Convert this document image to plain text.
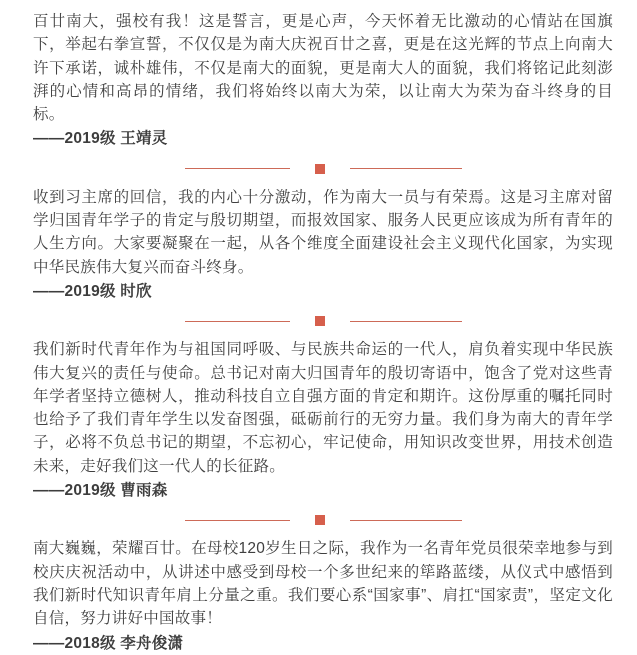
百廿南大，强校有我！这是誓言，更是心声，今天怀着无比激动的心情站在国旗下，举起右拳宣誓，不仅仅是为南大庆祝百廿之喜，更是在这光辉的节点上向南大许下承诺，诚朴雄伟，不仅是南大的面貌，更是南大人的面貌，我们将铭记此刻澎湃的心情和高昂的情绪，我们将始终以南大为荣，以让南大为荣为奋斗终身的目标。

——2019级 王靖灵

收到习主席的回信，我的内心十分激动，作为南大一员与有荣焉。这是习主席对留学归国青年学子的肯定与殷切期望，而报效国家、服务人民更应该成为所有青年的人生方向。大家要凝聚在一起，从各个维度全面建设社会主义现代化国家，为实现中华民族伟大复兴而奋斗终身。

——2019级 时欣

我们新时代青年作为与祖国同呼吸、与民族共命运的一代人，肩负着实现中华民族伟大复兴的责任与使命。总书记对南大归国青年的殷切寄语中，饱含了党对这些青年学者坚持立德树人，推动科技自立自强方面的肯定和期许。这份厚重的嘱托同时也给予了我们青年学生以发奋图强，砥砺前行的无穷力量。我们身为南大的青年学子，必将不负总书记的期望，不忘初心，牢记使命，用知识改变世界，用技术创造未来，走好我们这一代人的长征路。

——2019级 曹雨森

南大巍巍，荣耀百廿。在母校120岁生日之际，我作为一名青年党员很荣幸地参与到校庆庆祝活动中，从讲述中感受到母校一个多世纪来的筚路蓝缕，从仪式中感悟到我们新时代知识青年肩上分量之重。我们要心系“国家事”、肩扛“国家责”，坚定文化自信，努力讲好中国故事！

——2018级 李舟俊潇
